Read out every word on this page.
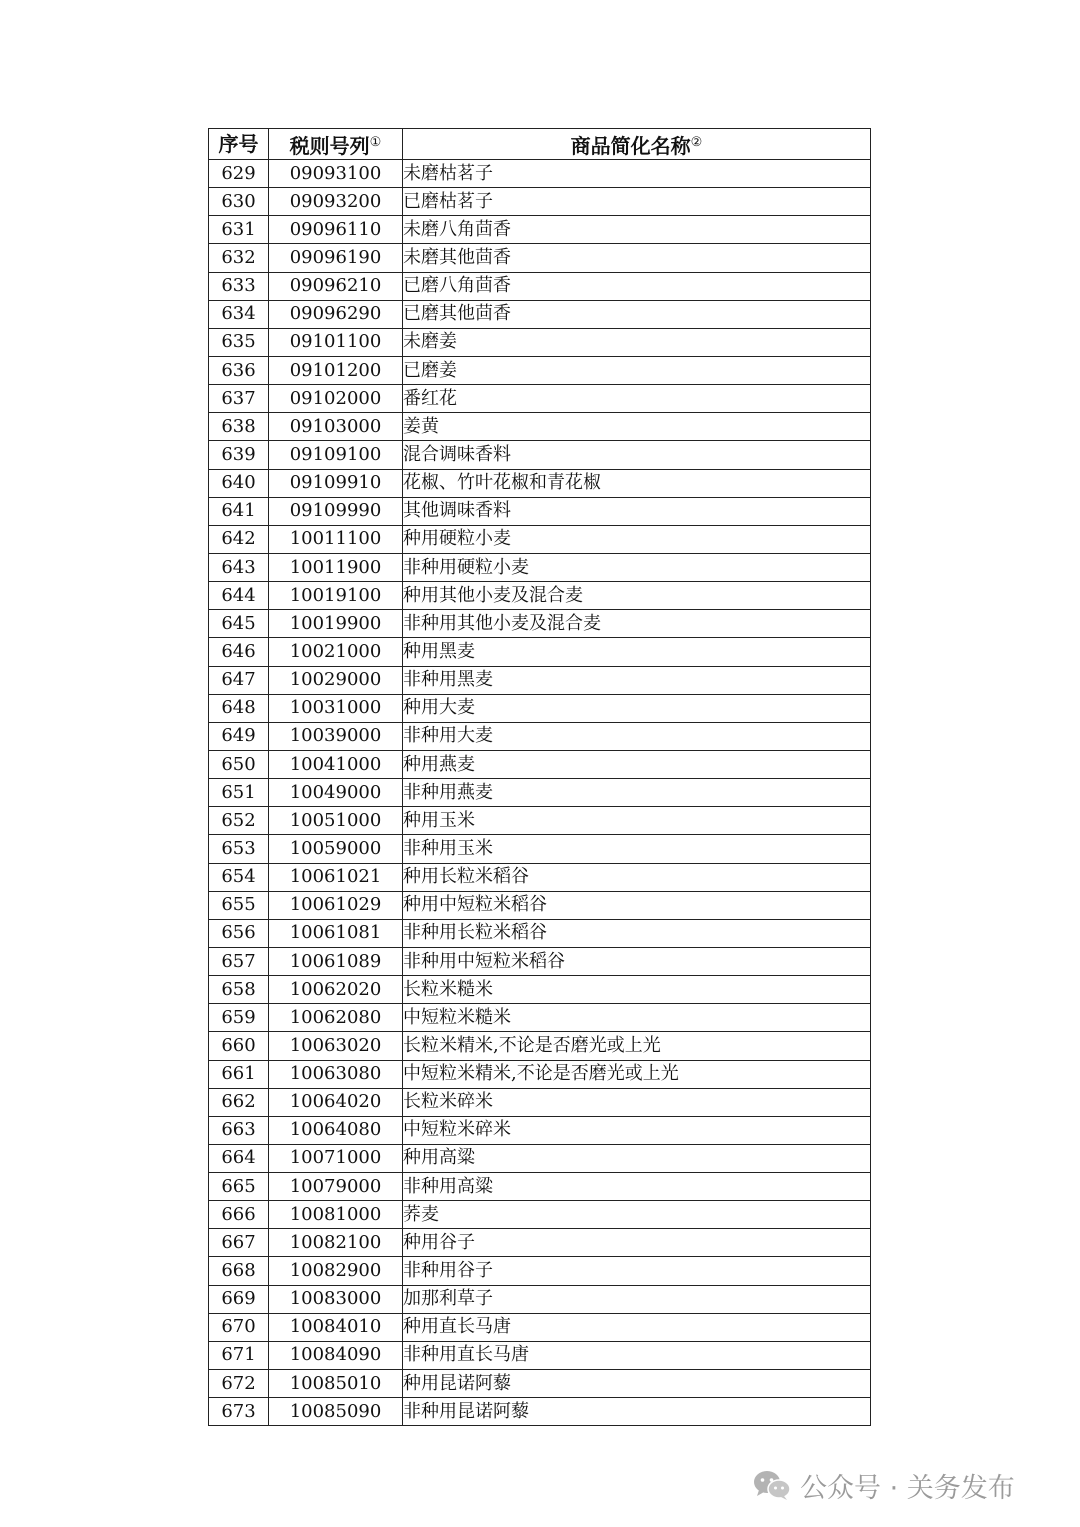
序号	税则号列①	商品简化名称②
629	09093100	未磨枯茗子
630	09093200	已磨枯茗子
631	09096110	未磨八角茴香
632	09096190	未磨其他茴香
633	09096210	已磨八角茴香
634	09096290	已磨其他茴香
635	09101100	未磨姜
636	09101200	已磨姜
637	09102000	番红花
638	09103000	姜黄
639	09109100	混合调味香料
640	09109910	花椒、竹叶花椒和青花椒
641	09109990	其他调味香料
642	10011100	种用硬粒小麦
643	10011900	非种用硬粒小麦
644	10019100	种用其他小麦及混合麦
645	10019900	非种用其他小麦及混合麦
646	10021000	种用黑麦
647	10029000	非种用黑麦
648	10031000	种用大麦
649	10039000	非种用大麦
650	10041000	种用燕麦
651	10049000	非种用燕麦
652	10051000	种用玉米
653	10059000	非种用玉米
654	10061021	种用长粒米稻谷
655	10061029	种用中短粒米稻谷
656	10061081	非种用长粒米稻谷
657	10061089	非种用中短粒米稻谷
658	10062020	长粒米糙米
659	10062080	中短粒米糙米
660	10063020	长粒米精米,不论是否磨光或上光
661	10063080	中短粒米精米,不论是否磨光或上光
662	10064020	长粒米碎米
663	10064080	中短粒米碎米
664	10071000	种用高粱
665	10079000	非种用高粱
666	10081000	荞麦
667	10082100	种用谷子
668	10082900	非种用谷子
669	10083000	加那利草子
670	10084010	种用直长马唐
671	10084090	非种用直长马唐
672	10085010	种用昆诺阿藜
673	10085090	非种用昆诺阿藜
公众号 · 关务发布
